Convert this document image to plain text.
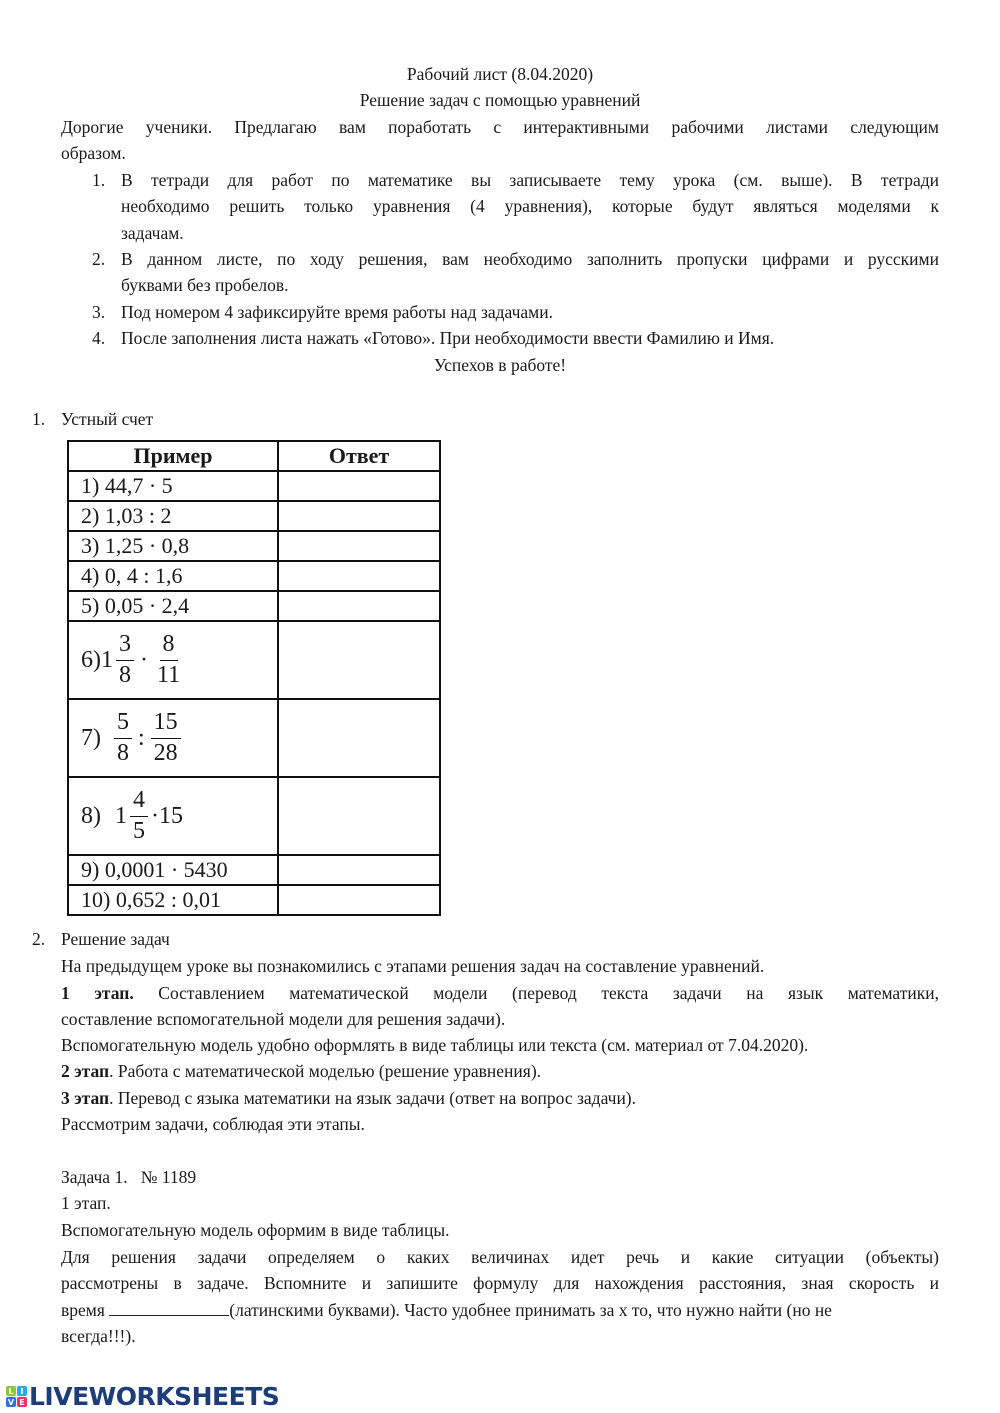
Рабочий лист (8.04.2020)
Решение задач с помощью уравнений
Дорогие ученики. Предлагаю вам поработать с интерактивными рабочими листами следующим
образом.
1. В тетради для работ по математике вы записываете тему урока (см. выше). В тетради
необходимо решить только уравнения (4 уравнения), которые будут являться моделями к
задачам.
2. В данном листе, по ходу решения, вам необходимо заполнить пропуски цифрами и русскими
буквами без пробелов.
3. Под номером 4 зафиксируйте время работы над задачами.
4. После заполнения листа нажать «Готово». При необходимости ввести Фамилию и Имя.
Успехов в работе!
1. Устный счет
Пример	Ответ
1) 44,7 · 5	
2) 1,03 : 2	
3) 1,25 · 0,8	
4) 0, 4 : 1,6	
5) 0,05 · 2,4	

6) $1 \frac{3}{8} \cdot \frac{8}{11}$

$7) \frac{5}{8}$ : $\frac{15}{28}$

8) $1 \frac{4}{5} \cdot 15$

9) 0,0001 · 5430	
10) 0,652 : 0,01	
2. Решение задач
На предыдущем уроке вы познакомились с этапами решения задач на составление уравнений.
1 этап. Составлением математической модели (перевод текста задачи на язык математики,
составление вспомогательной модели для решения задачи).
Вспомогательную модель удобно оформлять в виде таблицы или текста (см. материал от 7.04.2020).
2 этап. Работа с математической моделью (решение уравнения).
3 этап. Перевод с языка математики на язык задачи (ответ на вопрос задачи).
Рассмотрим задачи, соблюдая эти этапы.
Задача 1.   № 1189
1 этап.
Вспомогательную модель оформим в виде таблицы.
Для решения задачи определяем о каких величинах идет речь и какие ситуации (объекты)
рассмотрены в задаче. Вспомните и запишите формулу для нахождения расстояния, зная скорость и
время	(латинскими буквами). Часто удобнее принимать за х то, что нужно найти (но не
всегда!!!).
L I
V E LIVEWORKSHEETS
